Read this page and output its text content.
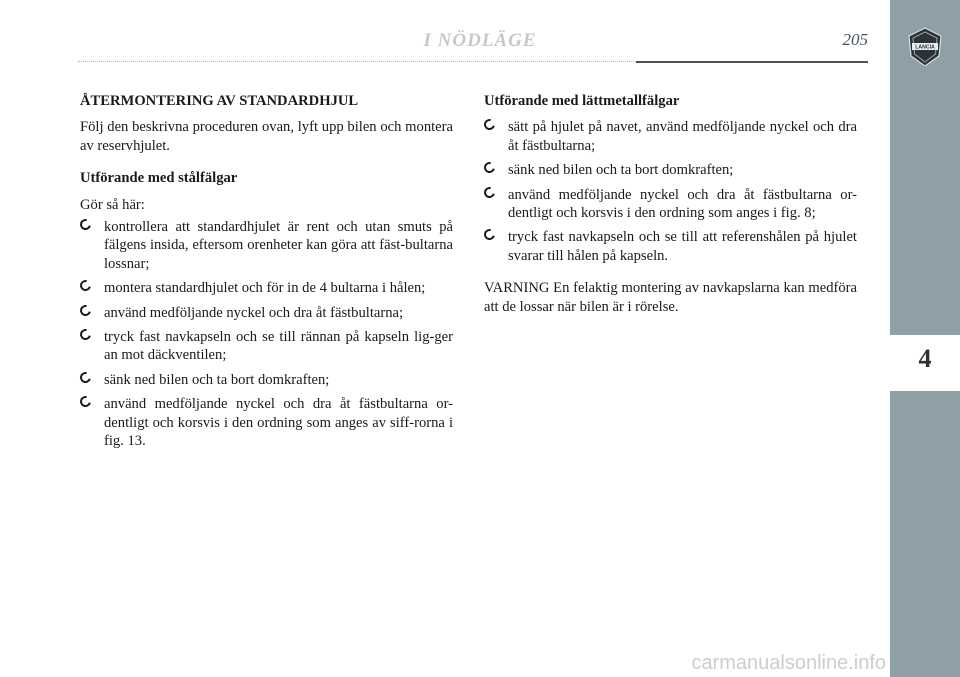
I NÖDLÄGE	205
4
LANCIA
ÅTERMONTERING AV STANDARDHJUL

Följ den beskrivna proceduren ovan, lyft upp bilen och montera av reservhjulet.

Utförande med stålfälgar

Gör så här:

kontrollera att standardhjulet är rent och utan smuts på fälgens insida, eftersom orenheter kan göra att fäst-bultarna lossnar;
montera standardhjulet och för in de 4 bultarna i hålen;
använd medföljande nyckel och dra åt fästbultarna;
tryck fast navkapseln och se till rännan på kapseln lig-ger an mot däckventilen;
sänk ned bilen och ta bort domkraften;
använd medföljande nyckel och dra åt fästbultarna or-dentligt och korsvis i den ordning som anges av siff-rorna i fig. 13.
Utförande med lättmetallfälgar
sätt på hjulet på navet, använd medföljande nyckel och dra åt fästbultarna;
sänk ned bilen och ta bort domkraften;
använd medföljande nyckel och dra åt fästbultarna or-dentligt och korsvis i den ordning som anges i fig. 8;
tryck fast navkapseln och se till att referenshålen på hjulet svarar till hålen på kapseln.

VARNING En felaktig montering av navkapslarna kan medföra att de lossar när bilen är i rörelse.

carmanualsonline.info
